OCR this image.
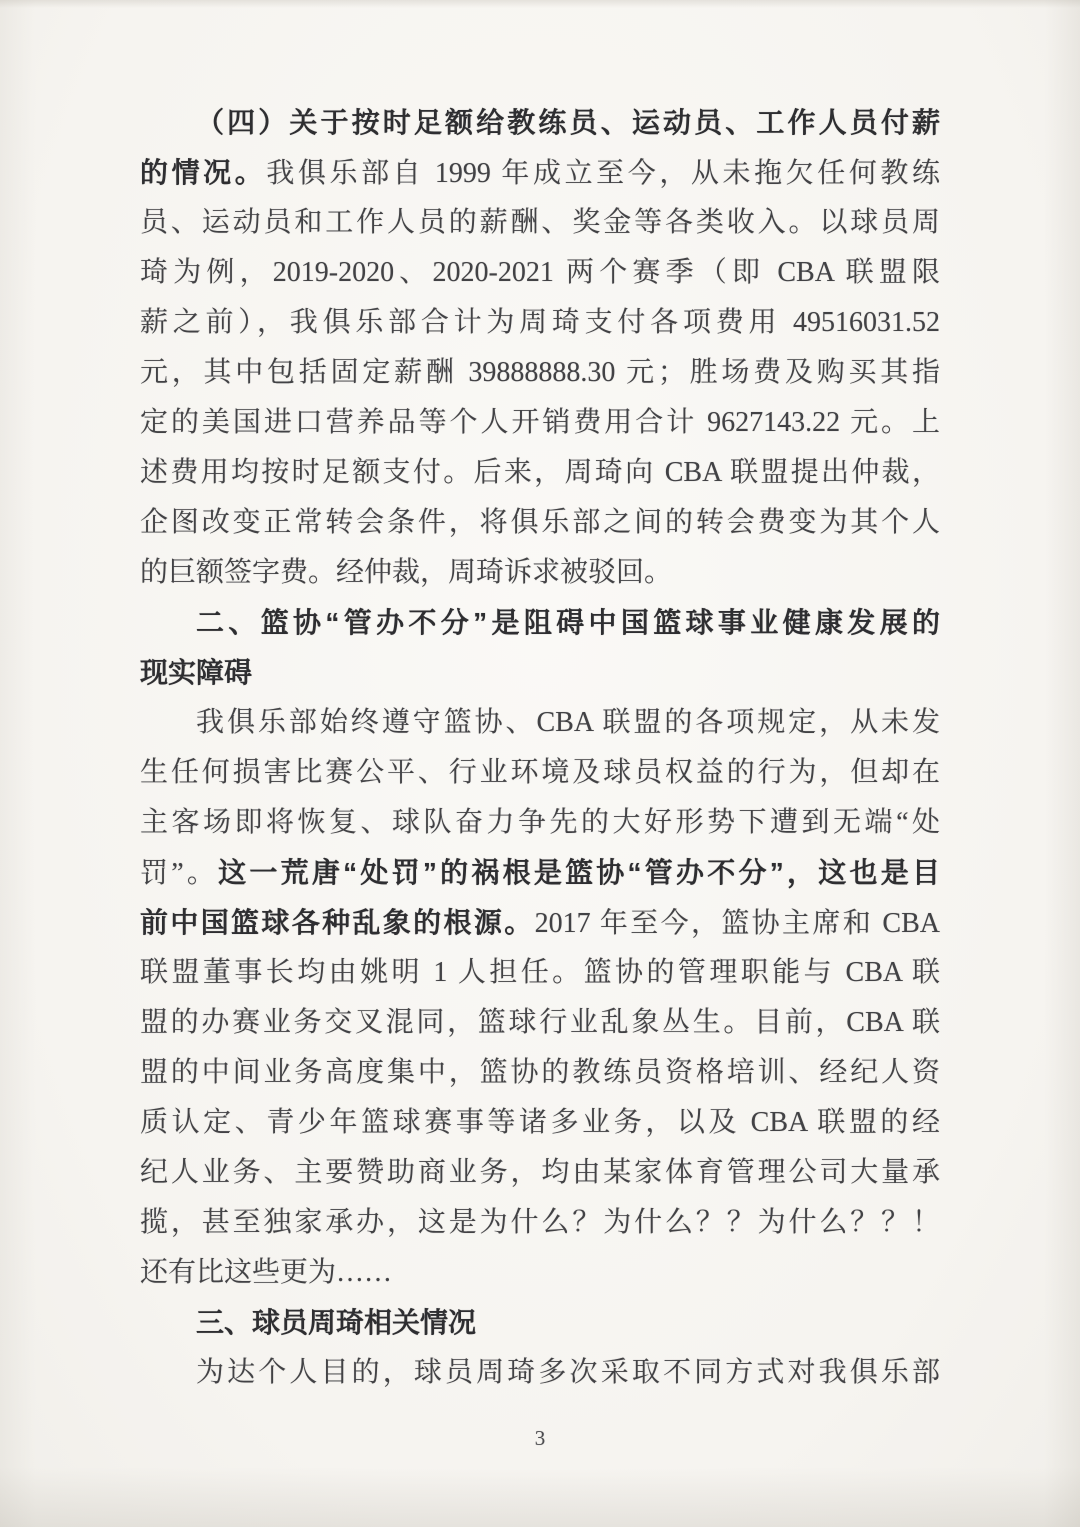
（四）关于按时足额给教练员、运动员、工作人员付薪
的情况。我俱乐部自 1999 年成立至今，从未拖欠任何教练
员、运动员和工作人员的薪酬、奖金等各类收入。以球员周
琦为例，2019-2020、2020-2021 两个赛季（即 CBA 联盟限
薪之前），我俱乐部合计为周琦支付各项费用 49516031.52
元，其中包括固定薪酬 39888888.30 元；胜场费及购买其指
定的美国进口营养品等个人开销费用合计 9627143.22 元。上
述费用均按时足额支付。后来，周琦向 CBA 联盟提出仲裁，
企图改变正常转会条件，将俱乐部之间的转会费变为其个人
的巨额签字费。经仲裁，周琦诉求被驳回。
二、篮协“管办不分”是阻碍中国篮球事业健康发展的
现实障碍
我俱乐部始终遵守篮协、CBA 联盟的各项规定，从未发
生任何损害比赛公平、行业环境及球员权益的行为，但却在
主客场即将恢复、球队奋力争先的大好形势下遭到无端“处
罚”。这一荒唐“处罚”的祸根是篮协“管办不分”，这也是目
前中国篮球各种乱象的根源。2017 年至今，篮协主席和 CBA
联盟董事长均由姚明 1 人担任。篮协的管理职能与 CBA 联
盟的办赛业务交叉混同，篮球行业乱象丛生。目前，CBA 联
盟的中间业务高度集中，篮协的教练员资格培训、经纪人资
质认定、青少年篮球赛事等诸多业务，以及 CBA 联盟的经
纪人业务、主要赞助商业务，均由某家体育管理公司大量承
揽，甚至独家承办，这是为什么？为什么？？为什么？？！
还有比这些更为……
三、球员周琦相关情况
为达个人目的，球员周琦多次采取不同方式对我俱乐部
3
